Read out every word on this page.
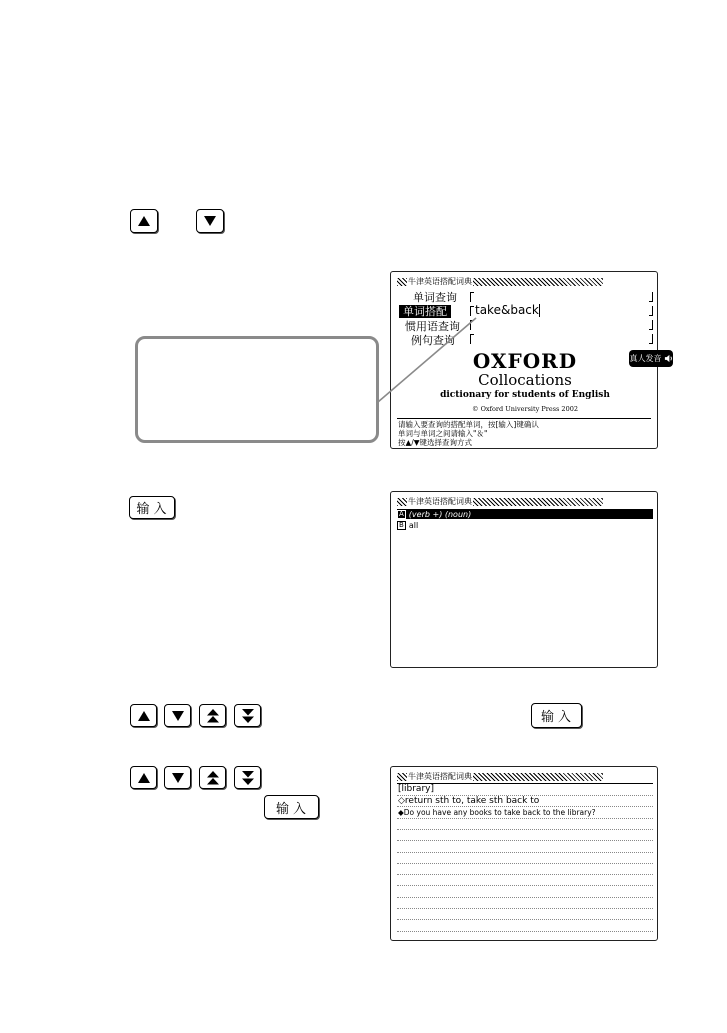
和
牛津英语搭配词典
单词查询
单词搭配
惯用语查询
例句查询
take&back
真人发音
OXFORD
Collocations
dictionary for students of English
© Oxford University Press 2002
请输入要查询的搭配单词，按[输入]键确认
单词与单词之间请输入"＆"
按▲/▼键选择查询方式
输入
牛津英语搭配词典
A (verb +) (noun)
B all
输入
输入
牛津英语搭配词典
[library]
◇return sth to, take sth back to
◆Do you have any books to take back to the library?
